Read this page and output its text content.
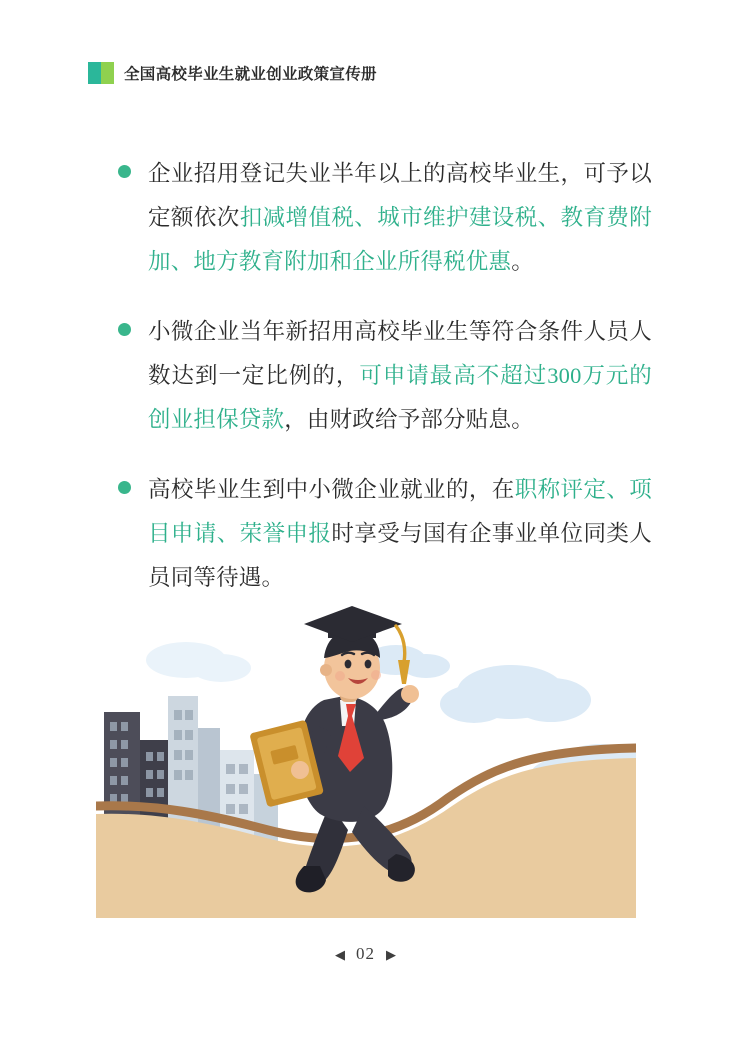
全国高校毕业生就业创业政策宣传册
企业招用登记失业半年以上的高校毕业生，可予以定额依次扣减增值税、城市维护建设税、教育费附加、地方教育附加和企业所得税优惠。
小微企业当年新招用高校毕业生等符合条件人员人数达到一定比例的，可申请最高不超过300万元的创业担保贷款，由财政给予部分贴息。
高校毕业生到中小微企业就业的，在职称评定、项目申请、荣誉申报时享受与国有企事业单位同类人员同等待遇。
◀ 02 ▶
